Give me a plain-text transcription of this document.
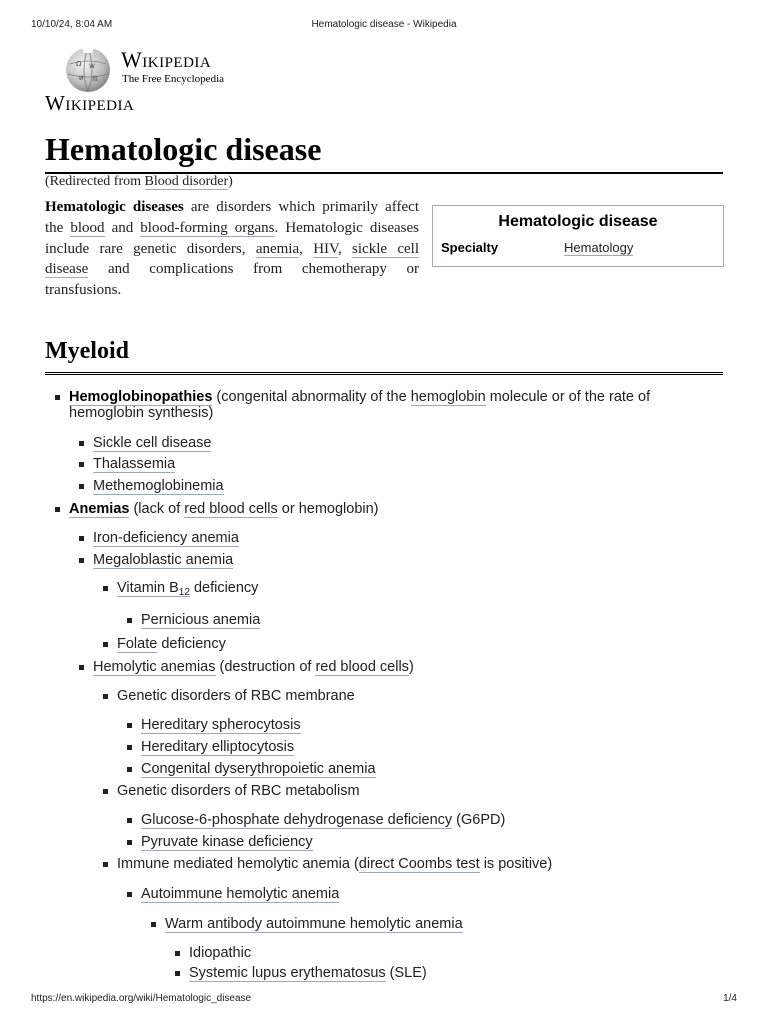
10/10/24, 8:04 AM	Hematologic disease - Wikipedia
Ω W
И 維
Wikipedia
The Free Encyclopedia
Wikipedia
Hematologic disease
(Redirected from Blood disorder)

Hematologic diseases are disorders which primarily affect the blood and blood-forming organs. Hematologic diseases include rare genetic disorders, anemia, HIV, sickle cell disease and complications from chemotherapy or transfusions.

Hematologic disease
Specialty	Hematology
Myeloid
Hemoglobinopathies (congenital abnormality of the hemoglobin molecule or of the rate of
hemoglobin synthesis)
Sickle cell disease
Thalassemia
Methemoglobinemia
Anemias (lack of red blood cells or hemoglobin)
Iron-deficiency anemia
Megaloblastic anemia
Vitamin $B_{12}$ deficiency
Pernicious anemia
Folate deficiency
Hemolytic anemias (destruction of red blood cells)
Genetic disorders of RBC membrane
Hereditary spherocytosis
Hereditary elliptocytosis
Congenital dyserythropoietic anemia
Genetic disorders of RBC metabolism
Glucose-6-phosphate dehydrogenase deficiency (G6PD)
Pyruvate kinase deficiency
Immune mediated hemolytic anemia (direct Coombs test is positive)
Autoimmune hemolytic anemia
Warm antibody autoimmune hemolytic anemia
Idiopathic
Systemic lupus erythematosus (SLE)
https://en.wikipedia.org/wiki/Hematologic_disease	1/4
